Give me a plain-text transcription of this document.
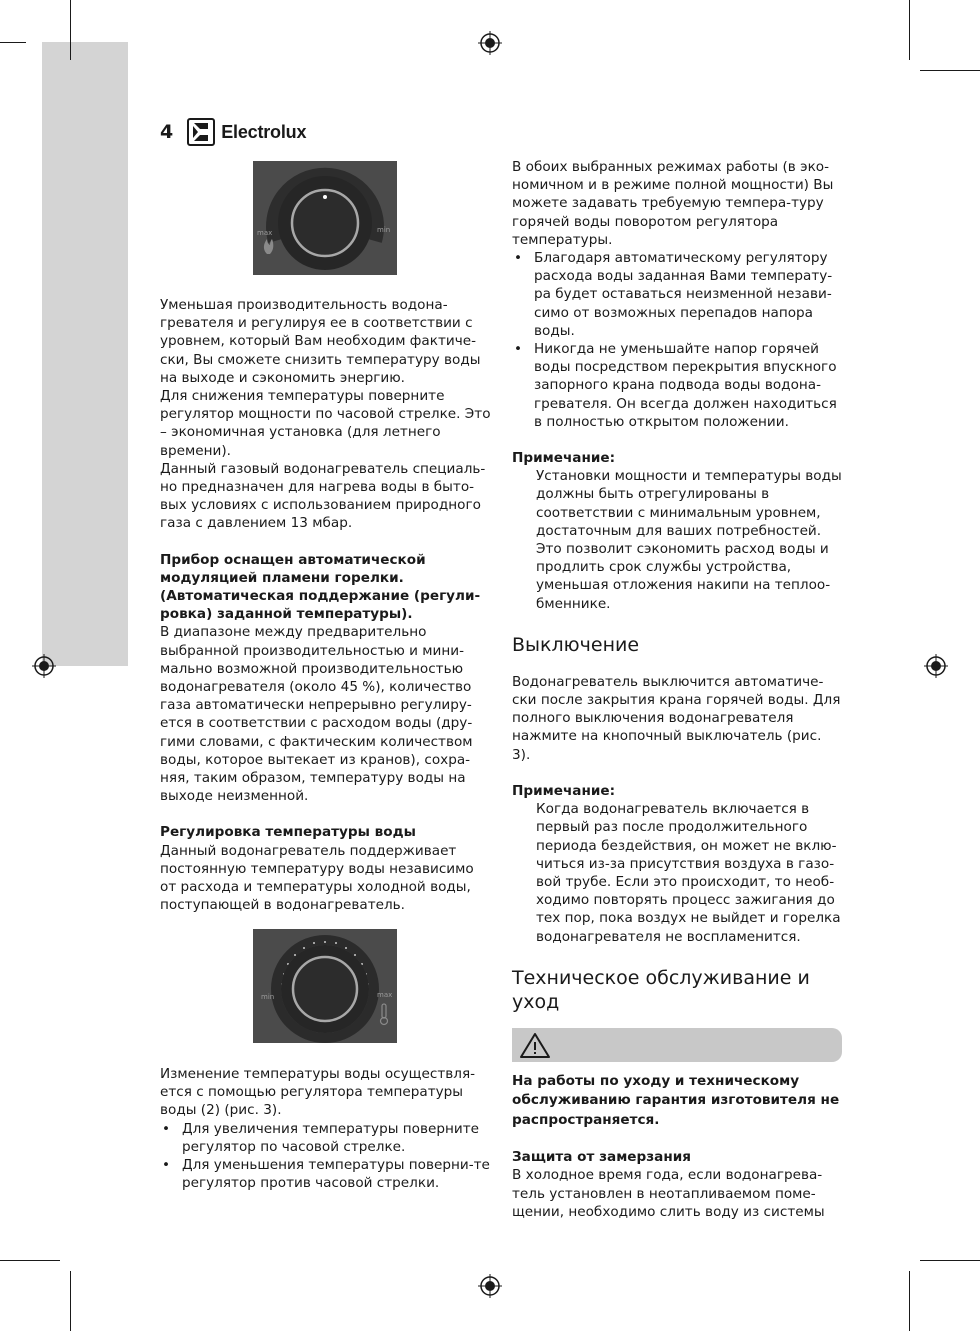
4	Electrolux
max	min
min	max

Уменьшая производительность водона-гревателя и регулируя ее в соответствии с уровнем, который Вам необходим фактиче-ски, Вы сможете снизить температуру воды на выходе и сэкономить энергию.

Для снижения температуры поверните регулятор мощности по часовой стрелке. Это – экономичная установка (для летнего времени).

Данный газовый водонагреватель специаль-но предназначен для нагрева воды в быто-вых условиях с использованием природного газа с давлением 13 мбар.

Прибор оснащен автоматической модуляцией пламени горелки. (Автоматическая поддержание (регули-ровка) заданной температуры).

В диапазоне между предварительно выбранной производительностью и мини-мально возможной производительностью водонагревателя (около 45 %), количество газа автоматически непрерывно регулиру-ется в соответствии с расходом воды (дру-гими словами, с фактическим количеством воды, которое вытекает из кранов), сохра-няя, таким образом, температуру воды на выходе неизменной.

Регулировка температуры воды

Данный водонагреватель поддерживает постоянную температуру воды независимо от расхода и температуры холодной воды, поступающей в водонагреватель.

Изменение температуры воды осуществля-ется с помощью регулятора температуры воды (2) (рис. 3).

• Для увеличения температуры поверните регулятор по часовой стрелке.
• Для уменьшения температуры поверни-те регулятор против часовой стрелки.

В обоих выбранных режимах работы (в эко-номичном и в режиме полной мощности) Вы можете задавать требуемую темпера-туру горячей воды поворотом регулятора температуры.

• Благодаря автоматическому регулятору расхода воды заданная Вами температу-ра будет оставаться неизменной незави-симо от возможных перепадов напора воды.
• Никогда не уменьшайте напор горячей воды посредством перекрытия впускного запорного крана подвода воды водона-гревателя. Он всегда должен находиться в полностью открытом положении.

Примечание:

Установки мощности и температуры воды должны быть отрегулированы в соответствии с минимальным уровнем, достаточным для ваших потребностей. Это позволит сэкономить расход воды и продлить срок службы устройства, уменьшая отложения накипи на теплоо-бменнике.

Выключение

Водонагреватель выключится автоматиче-ски после закрытия крана горячей воды. Для полного выключения водонагревателя нажмите на кнопочный выключатель (рис. 3).

Примечание:

Когда водонагреватель включается в первый раз после продолжительного периода бездействия, он может не вклю-читься из-за присутствия воздуха в газо-вой трубе. Если это происходит, то необ-ходимо повторять процесс зажигания до тех пор, пока воздух не выйдет и горелка водонагревателя не воспламенится.

Техническое обслуживание и уход

На работы по уходу и техническому обслуживанию гарантия изготовителя не распространяется.

Защита от замерзания

В холодное время года, если водонагрева-тель установлен в неотапливаемом поме-щении, необходимо слить воду из системы
